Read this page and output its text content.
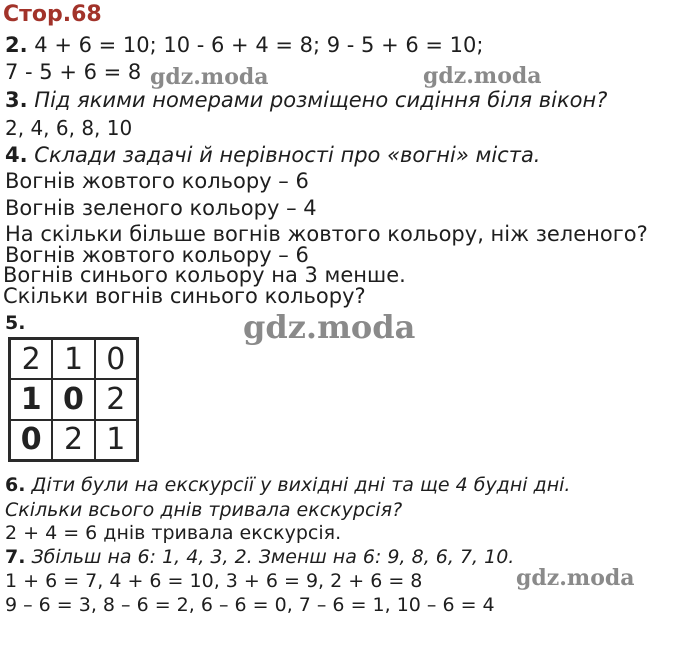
Стор.68
2. 4 + 6 = 10; 10 - 6 + 4 = 8; 9 - 5 + 6 = 10;
7 - 5 + 6 = 8
3. Під якими номерами розміщено сидіння біля вікон?
2, 4, 6, 8, 10
4. Склади задачі й нерівності про «вогні» міста.
Вогнів жовтого кольору – 6
Вогнів зеленого кольору – 4
На скільки більше вогнів жовтого кольору, ніж зеленого?
Вогнів жовтого кольору – 6
Вогнів синього кольору на 3 менше.
Скільки вогнів синього кольору?
5.
2 1 0
1 0 2
0 2 1
6. Діти були на екскурсії у вихідні дні та ще 4 будні дні.
Скільки всього днів тривала екскурсія?
2 + 4 = 6 днів тривала екскурсія.
7. Збільш на 6: 1, 4, 3, 2. Зменш на 6: 9, 8, 6, 7, 10.
1 + 6 = 7, 4 + 6 = 10, 3 + 6 = 9, 2 + 6 = 8
9 – 6 = 3, 8 – 6 = 2, 6 – 6 = 0, 7 – 6 = 1, 10 – 6 = 4
gdz.moda	gdz.moda
gdz.moda
gdz.moda
